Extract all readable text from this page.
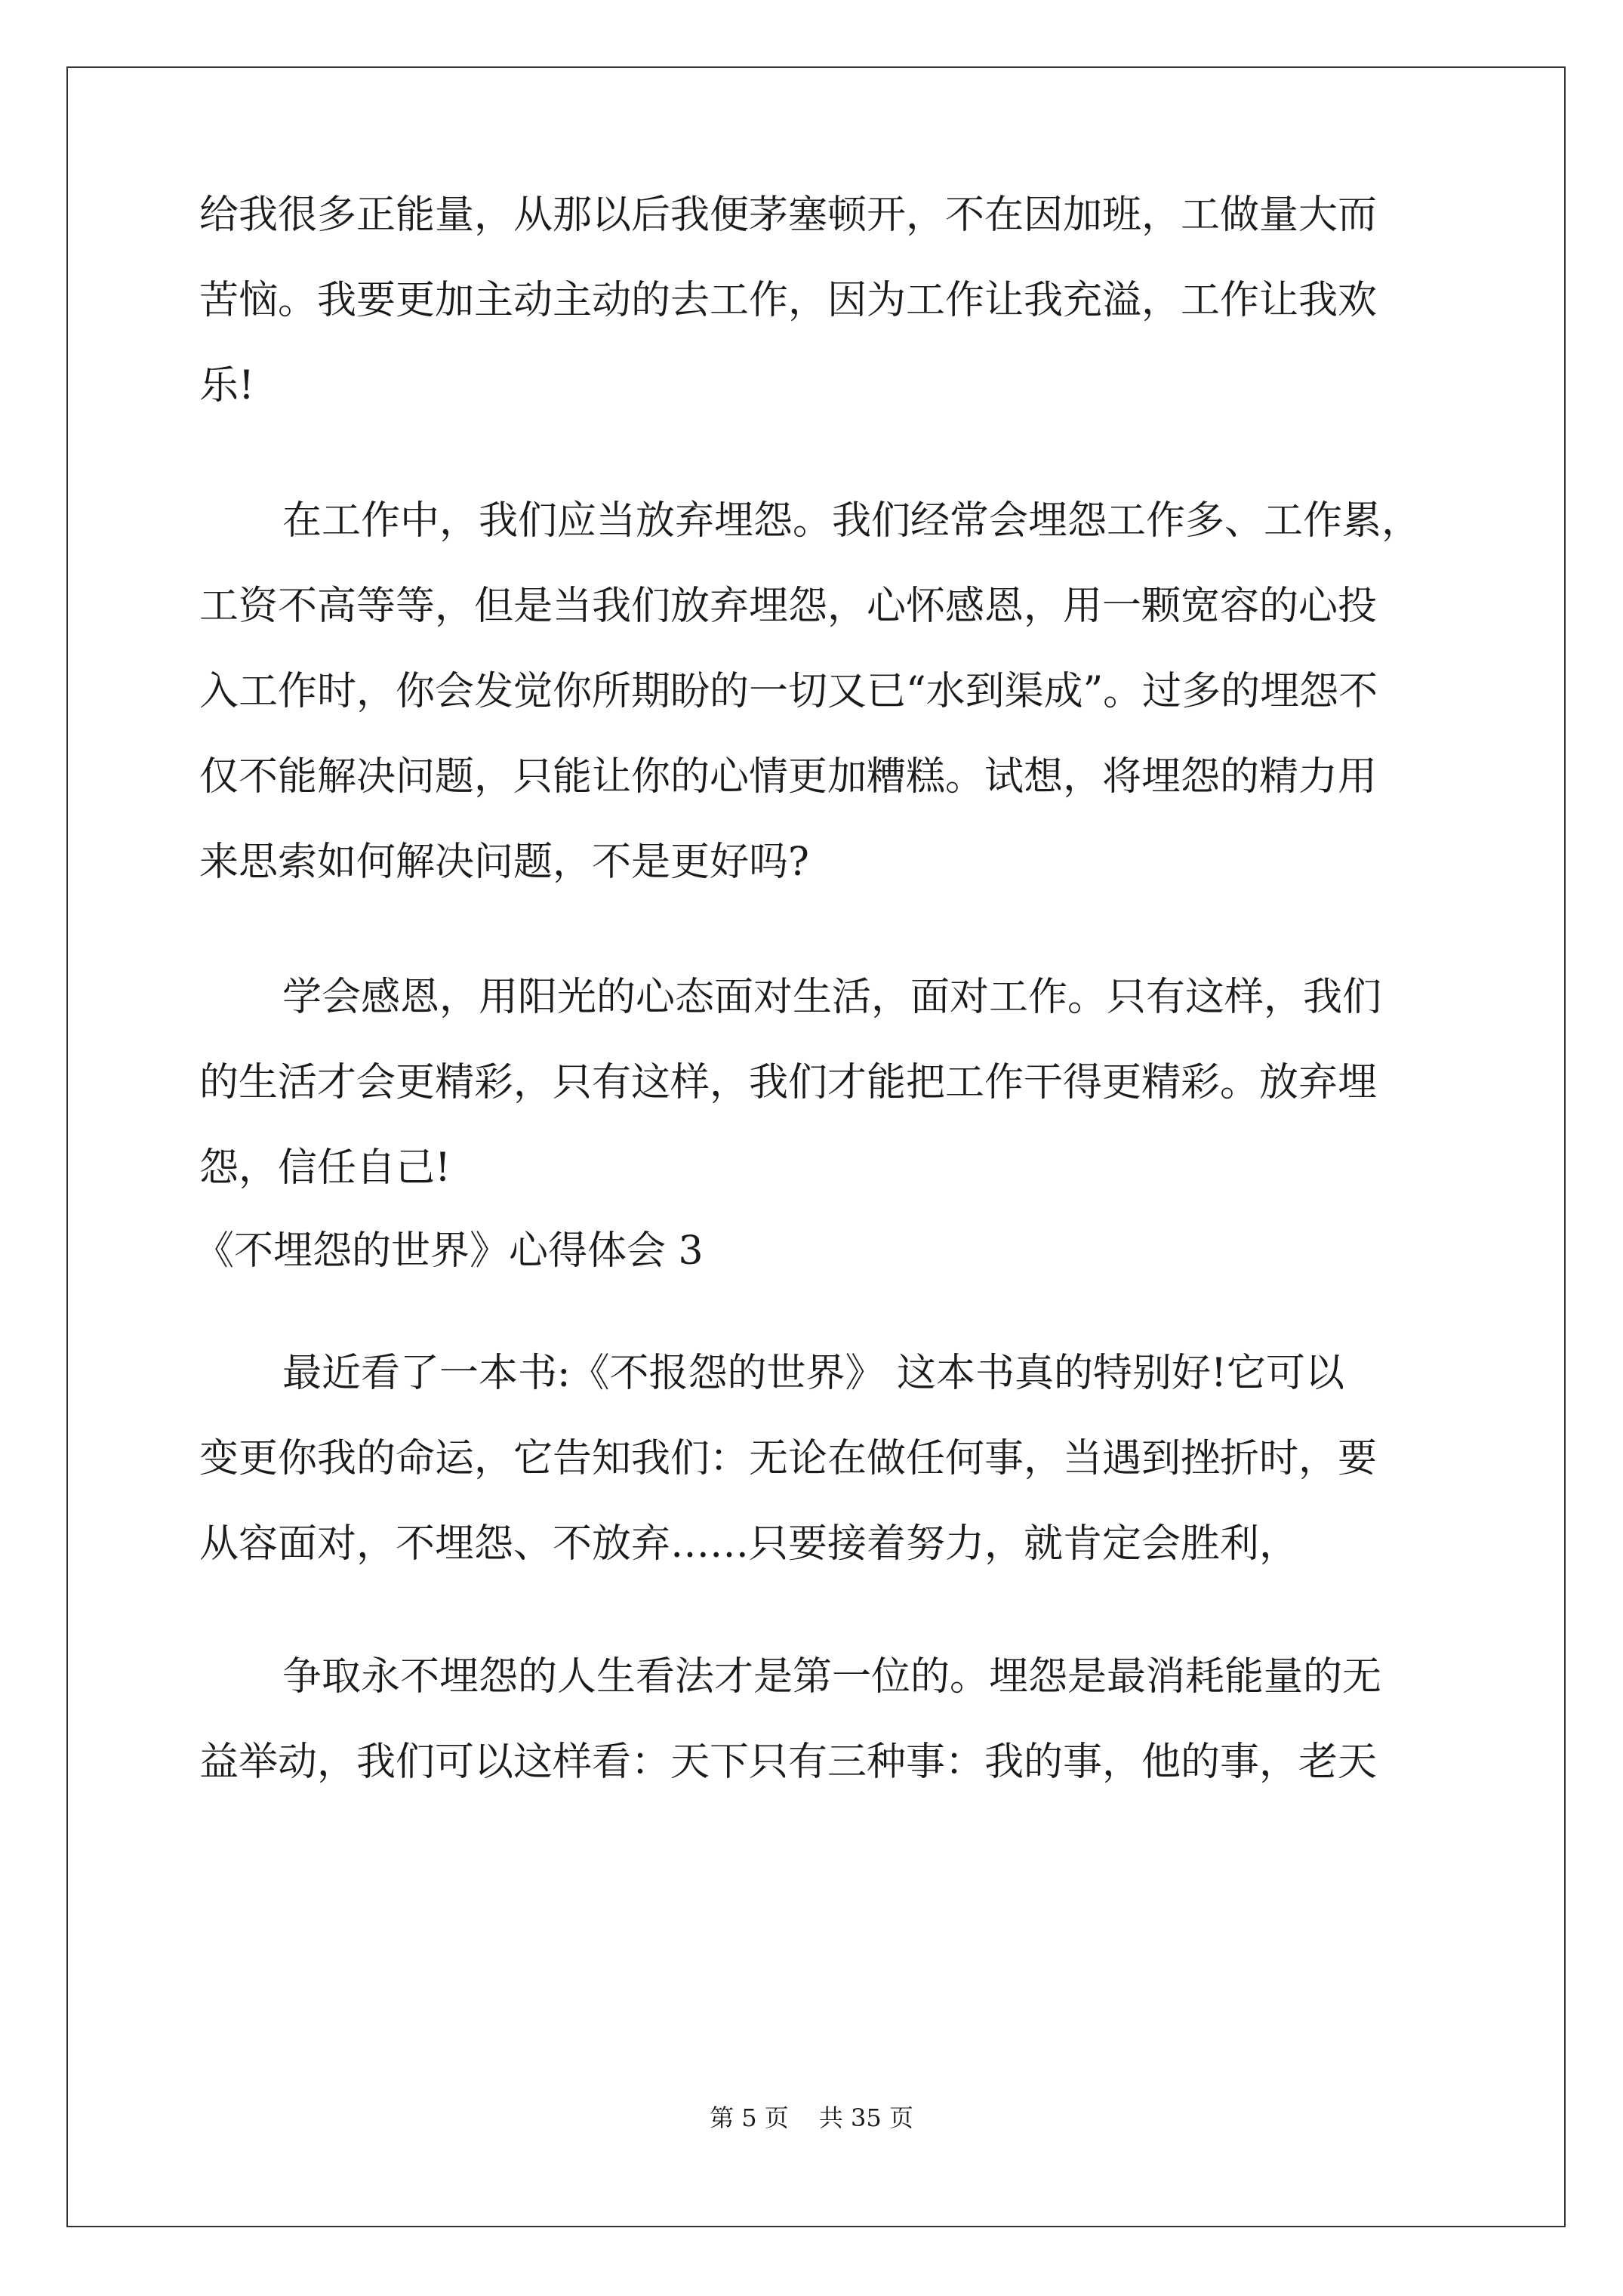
给我很多正能量，从那以后我便茅塞顿开，不在因加班，工做量大而
苦恼。我要更加主动主动的去工作，因为工作让我充溢，工作让我欢
乐!
在工作中，我们应当放弃埋怨。我们经常会埋怨工作多、工作累，
工资不高等等，但是当我们放弃埋怨，心怀感恩，用一颗宽容的心投
入工作时，你会发觉你所期盼的一切又已“水到渠成”。过多的埋怨不
仅不能解决问题，只能让你的心情更加糟糕。试想，将埋怨的精力用
来思索如何解决问题，不是更好吗?
学会感恩，用阳光的心态面对生活，面对工作。只有这样，我们
的生活才会更精彩，只有这样，我们才能把工作干得更精彩。放弃埋
怨，信任自己!
《不埋怨的世界》心得体会 3
最近看了一本书:《不报怨的世界》 这本书真的特别好!它可以
变更你我的命运，它告知我们：无论在做任何事，当遇到挫折时，要
从容面对，不埋怨、不放弃……只要接着努力，就肯定会胜利，
争取永不埋怨的人生看法才是第一位的。埋怨是最消耗能量的无
益举动，我们可以这样看：天下只有三种事：我的事，他的事，老天
第 5 页 共 35 页
